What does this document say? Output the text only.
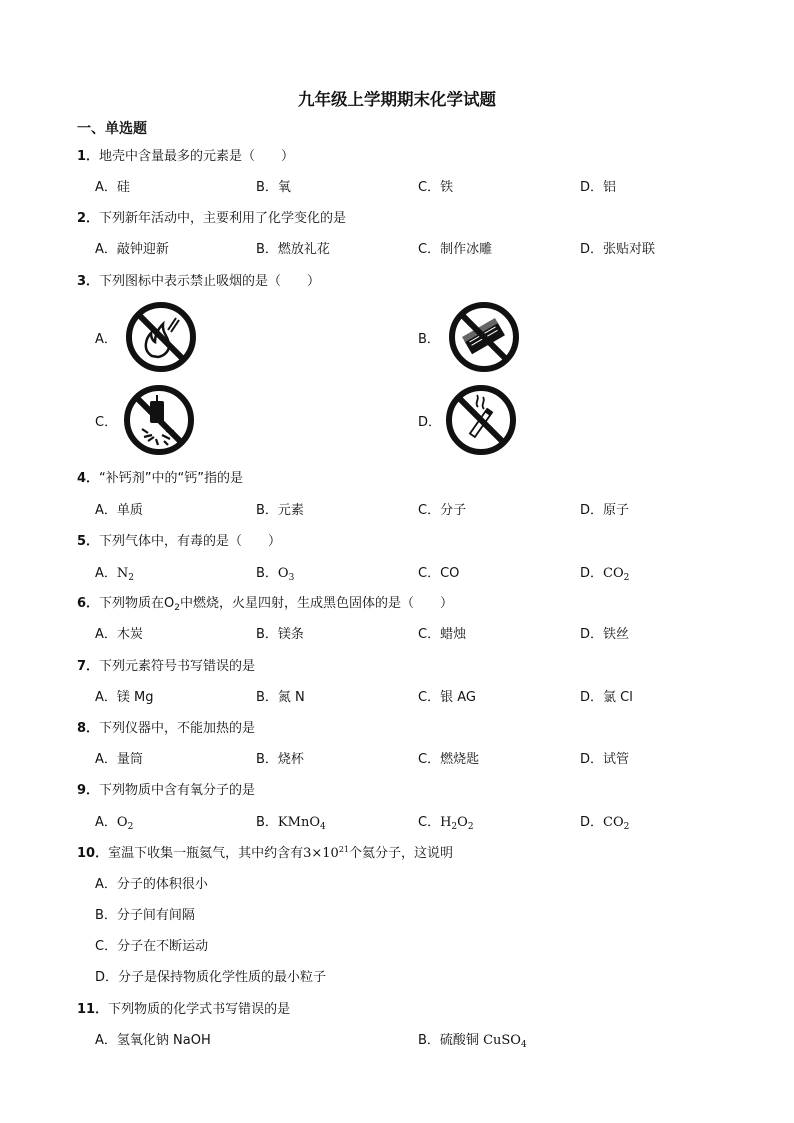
九年级上学期期末化学试题
一、单选题
1．地壳中含量最多的元素是（　　）
A．硅	B．氧	C．铁	D．铝
2．下列新年活动中，主要利用了化学变化的是
A．敲钟迎新	B．燃放礼花	C．制作冰雕	D．张贴对联
3．下列图标中表示禁止吸烟的是（　　）
A．	B．
C．	D．
4．“补钙剂”中的“钙”指的是
A．单质	B．元素	C．分子	D．原子
5．下列气体中，有毒的是（　　）
A．$N_2$	B．$O_3$	C．CO	D．$CO_2$
6．下列物质在$O_2$中燃烧，火星四射，生成黑色固体的是（　　）
A．木炭	B．镁条	C．蜡烛	D．铁丝
7．下列元素符号书写错误的是
A．镁 Mg	B．氮 N	C．银 AG	D．氯 Cl
8．下列仪器中，不能加热的是
A．量筒	B．烧杯	C．燃烧匙	D．试管
9．下列物质中含有氧分子的是
A．$O_2$	B．KMnO$_4$	C．$H_2O_2$	D．$CO_2$
10．室温下收集一瓶氦气，其中约含有$3\times 10^{21}$个氦分子，这说明
A．分子的体积很小
B．分子间有间隔
C．分子在不断运动
D．分子是保持物质化学性质的最小粒子
11．下列物质的化学式书写错误的是
A．氢氧化钠 NaOH	B．硫酸铜 CuSO$_4$
